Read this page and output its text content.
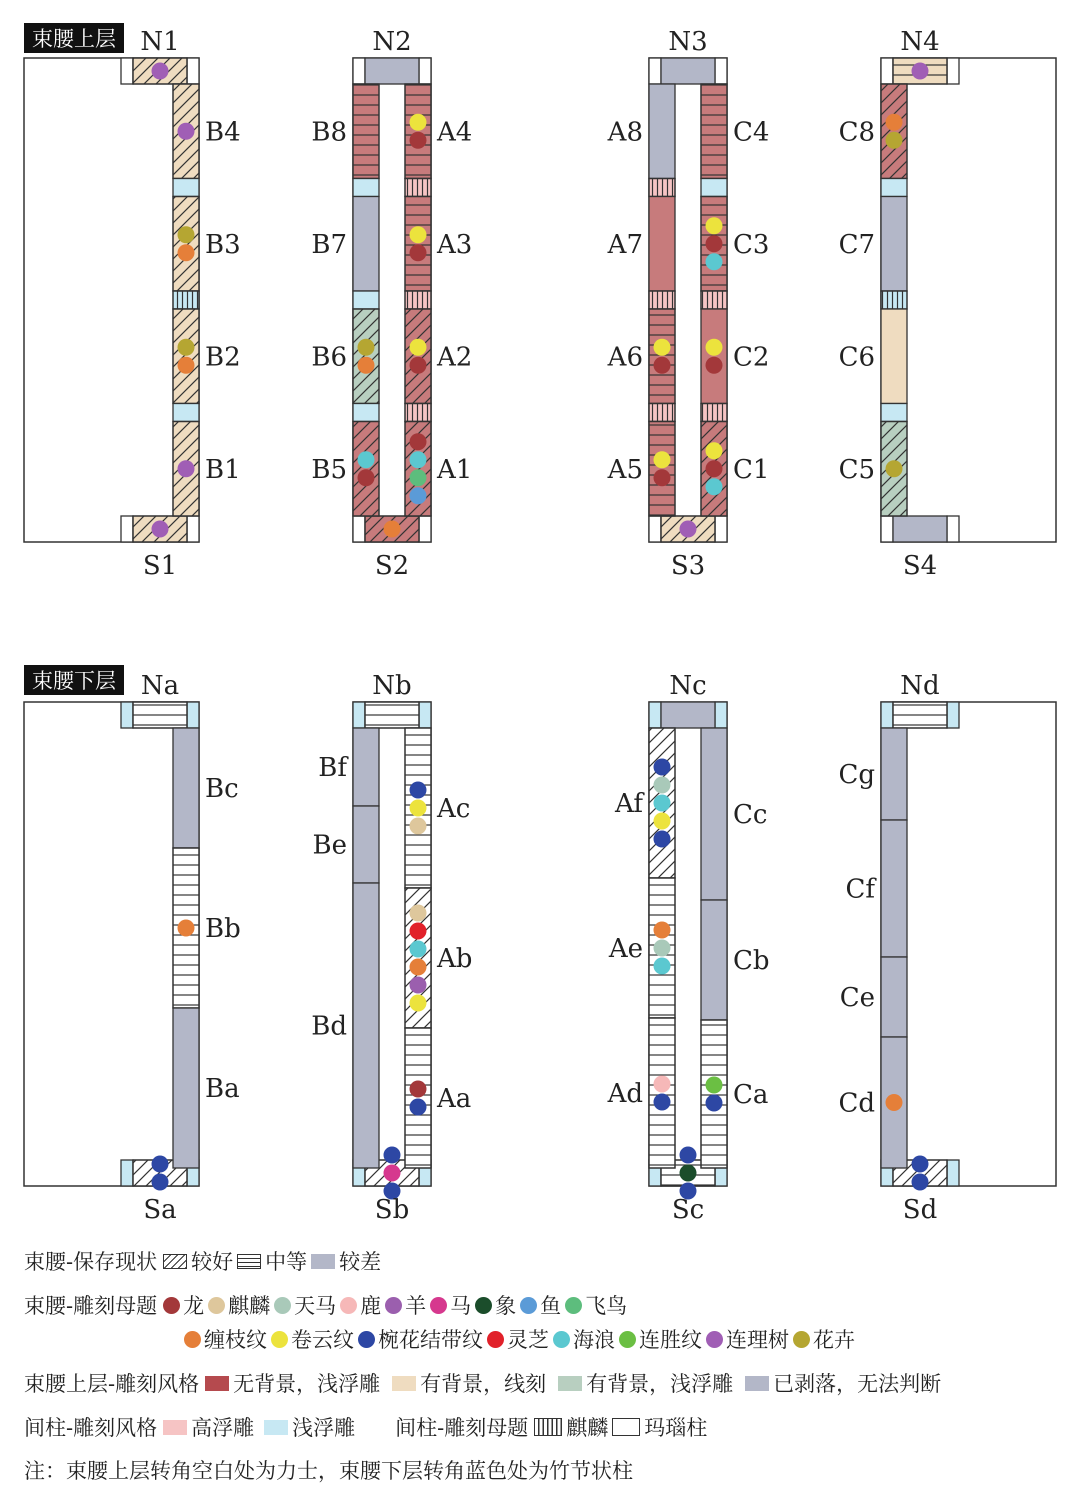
束腰上层
束腰下层
N1
S1
B4
B3
B2
B1
N2
S2
B8
B7
B6
B5
A4
A3
A2
A1
N3
S3
A8
A7
A6
A5
C4
C3
C2
C1
N4
S4
C8
C7
C6
C5
Na
Sa
Bc
Bb
Ba
Nb
Sb
Bf
Be
Bd
Ac
Ab
Aa
Nc
Sc
Af
Ae
Ad
Cc
Cb
Ca
Nd
Sd
Cg
Cf
Ce
Cd
束腰-保存现状 较好 中等 较差
束腰-雕刻母题 龙 麒麟 天马 鹿 羊 马 象 鱼 飞鸟
缠枝纹 卷云纹 椀花结带纹 灵芝 海浪 连胜纹 连理树 花卉
束腰上层-雕刻风格 无背景，浅浮雕 有背景，线刻 有背景，浅浮雕 已剥落，无法判断
间柱-雕刻风格 高浮雕 浅浮雕 间柱-雕刻母题 麒麟 玛瑙柱
注：束腰上层转角空白处为力士，束腰下层转角蓝色处为竹节状柱
